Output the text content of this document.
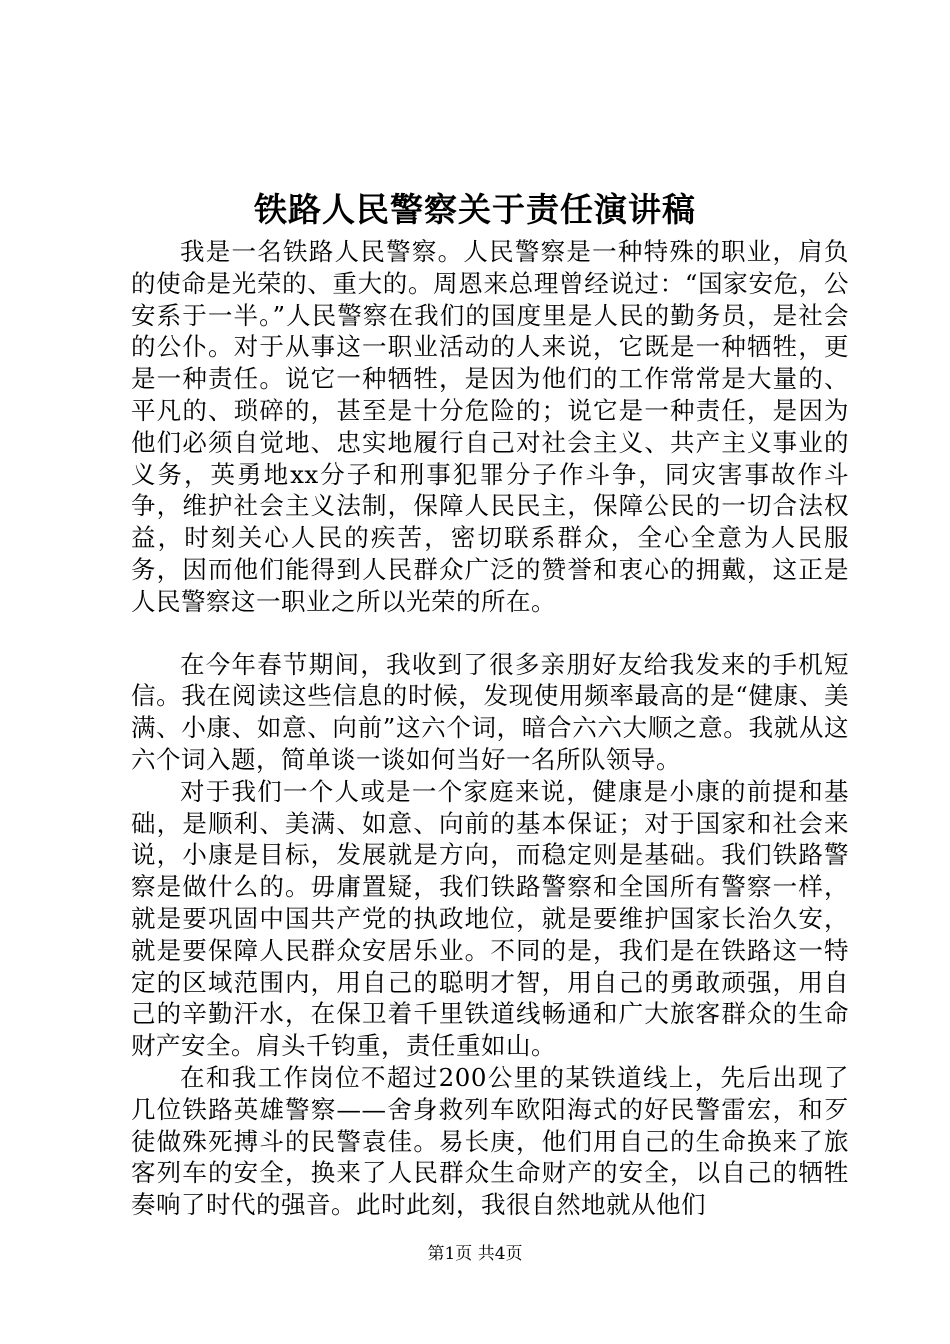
铁路人民警察关于责任演讲稿

我是一名铁路人民警察。人民警察是一种特殊的职业，肩负的使命是光荣的、重大的。周恩来总理曾经说过：“国家安危，公安系于一半。”人民警察在我们的国度里是人民的勤务员，是社会的公仆。对于从事这一职业活动的人来说，它既是一种牺牲，更是一种责任。说它一种牺牲，是因为他们的工作常常是大量的、平凡的、琐碎的，甚至是十分危险的；说它是一种责任，是因为他们必须自觉地、忠实地履行自己对社会主义、共产主义事业的义务，英勇地xx分子和刑事犯罪分子作斗争，同灾害事故作斗争，维护社会主义法制，保障人民民主，保障公民的一切合法权益，时刻关心人民的疾苦，密切联系群众，全心全意为人民服务，因而他们能得到人民群众广泛的赞誉和衷心的拥戴，这正是人民警察这一职业之所以光荣的所在。

在今年春节期间，我收到了很多亲朋好友给我发来的手机短信。我在阅读这些信息的时候，发现使用频率最高的是“健康、美满、小康、如意、向前”这六个词，暗合六六大顺之意。我就从这六个词入题，简单谈一谈如何当好一名所队领导。

对于我们一个人或是一个家庭来说，健康是小康的前提和基础，是顺利、美满、如意、向前的基本保证；对于国家和社会来说，小康是目标，发展就是方向，而稳定则是基础。我们铁路警察是做什么的。毋庸置疑，我们铁路警察和全国所有警察一样，就是要巩固中国共产党的执政地位，就是要维护国家长治久安，就是要保障人民群众安居乐业。不同的是，我们是在铁路这一特定的区域范围内，用自己的聪明才智，用自己的勇敢顽强，用自己的辛勤汗水，在保卫着千里铁道线畅通和广大旅客群众的生命财产安全。肩头千钧重，责任重如山。

在和我工作岗位不超过200公里的某铁道线上，先后出现了几位铁路英雄警察——舍身救列车欧阳海式的好民警雷宏，和歹徒做殊死搏斗的民警袁佳。易长庚，他们用自己的生命换来了旅客列车的安全，换来了人民群众生命财产的安全，以自己的牺牲奏响了时代的强音。此时此刻，我很自然地就从他们

第1页 共4页
